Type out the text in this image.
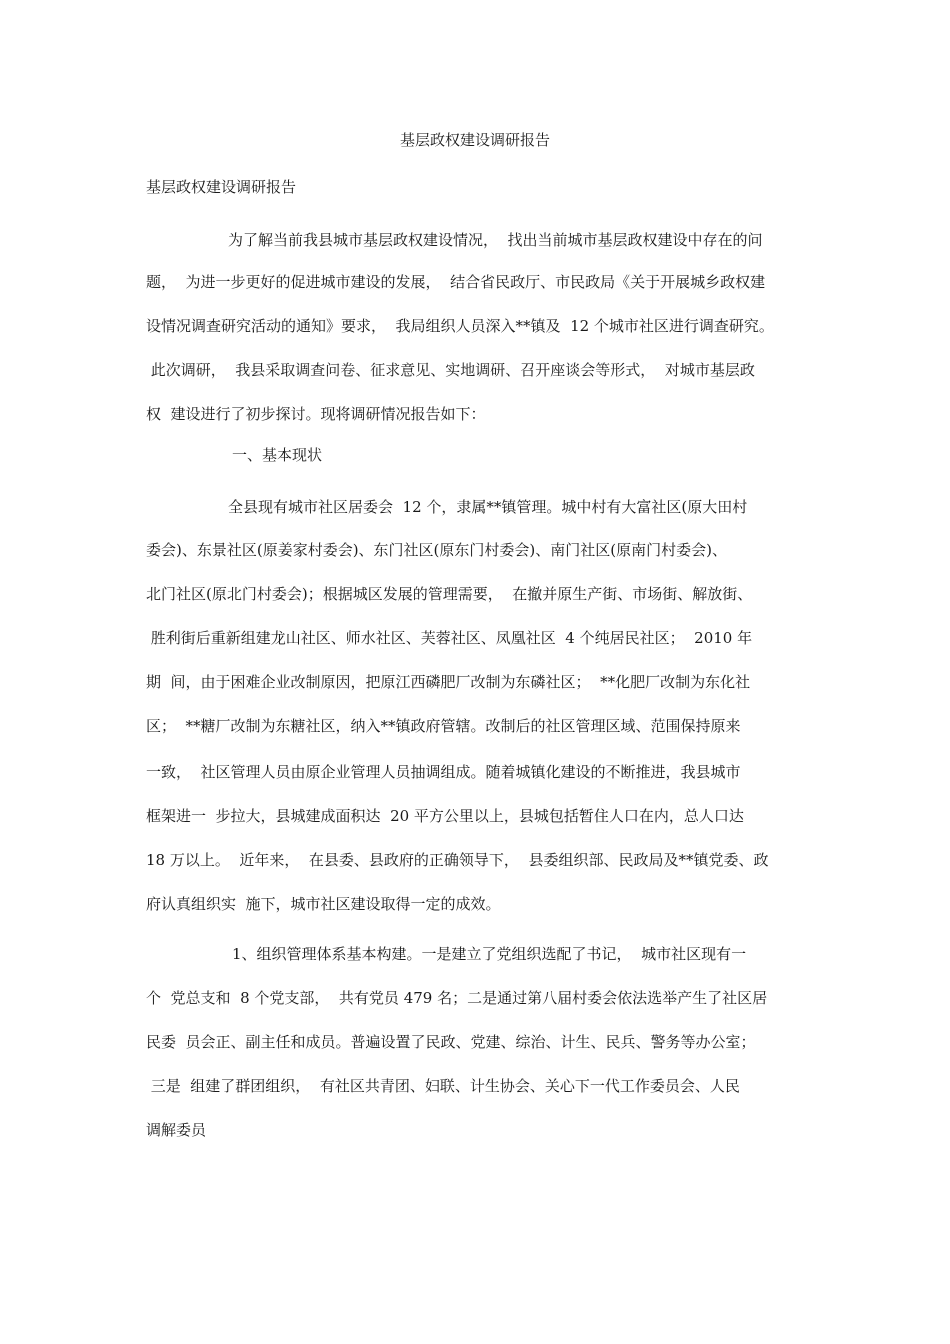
基层政权建设调研报告

基层政权建设调研报告

为了解当前我县城市基层政权建设情况，  找出当前城市基层政权建设中存在的问

题，  为进一步更好的促进城市建设的发展，  结合省民政厅、市民政局《关于开展城乡政权建

设情况调查研究活动的通知》要求，  我局组织人员深入**镇及  12 个城市社区进行调查研究。

此次调研，  我县采取调查问卷、征求意见、实地调研、召开座谈会等形式，  对城市基层政

权  建设进行了初步探讨。现将调研情况报告如下：

一、基本现状

全县现有城市社区居委会  12 个，隶属**镇管理。城中村有大富社区(原大田村

委会)、东景社区(原姜家村委会)、东门社区(原东门村委会)、南门社区(原南门村委会)、

北门社区(原北门村委会)；根据城区发展的管理需要，  在撤并原生产街、市场街、解放街、

胜利街后重新组建龙山社区、师水社区、芙蓉社区、凤凰社区  4 个纯居民社区；  2010 年

期  间，由于困难企业改制原因，把原江西磷肥厂改制为东磷社区；  **化肥厂改制为东化社

区；  **糖厂改制为东糖社区，纳入**镇政府管辖。改制后的社区管理区域、范围保持原来

一致，  社区管理人员由原企业管理人员抽调组成。随着城镇化建设的不断推进，我县城市

框架进一  步拉大，县城建成面积达  20 平方公里以上，县城包括暂住人口在内，总人口达

18 万以上。  近年来，  在县委、县政府的正确领导下，  县委组织部、民政局及**镇党委、政

府认真组织实  施下，城市社区建设取得一定的成效。

1、组织管理体系基本构建。一是建立了党组织选配了书记，  城市社区现有一

个  党总支和  8 个党支部，  共有党员 479 名；二是通过第八届村委会依法选举产生了社区居

民委  员会正、副主任和成员。普遍设置了民政、党建、综治、计生、民兵、警务等办公室；

三是  组建了群团组织，  有社区共青团、妇联、计生协会、关心下一代工作委员会、人民

调解委员
